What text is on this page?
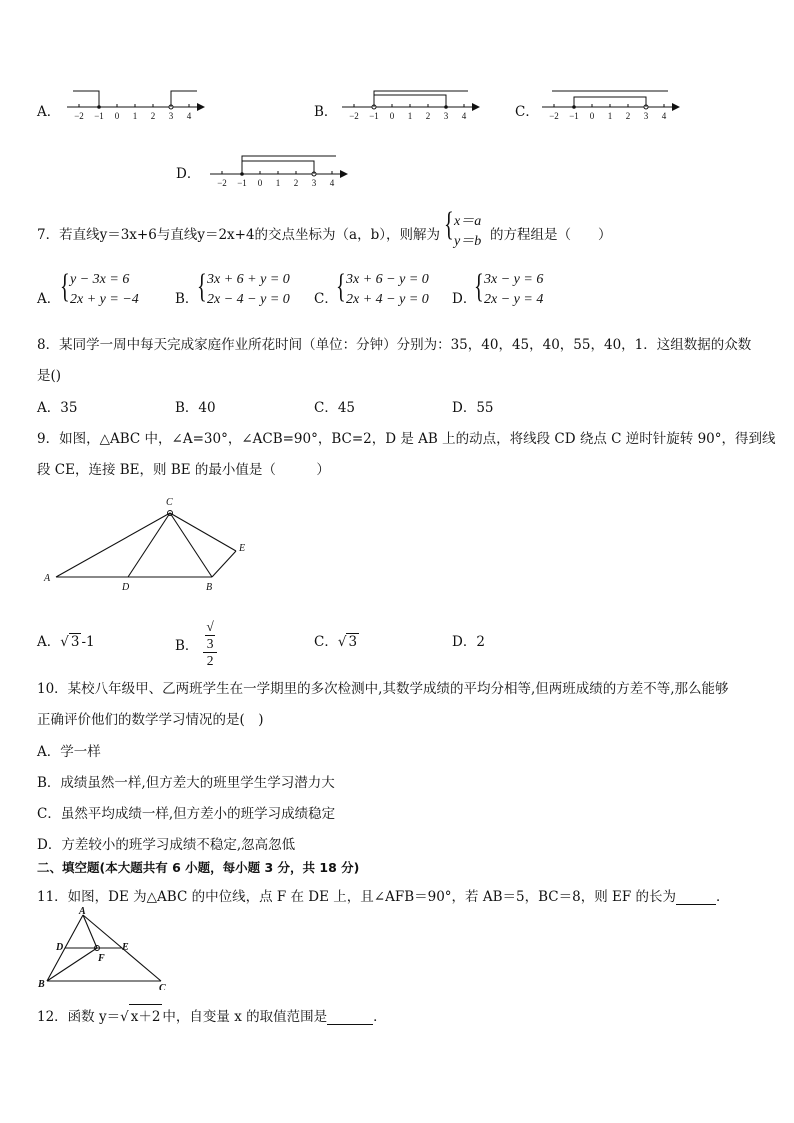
A． −2 −1 0 1 2 3 4	B． −2 −1 0 1 2 3 4	C． −2 −1 0 1 2 3 4
D．
−2 −1 0 1 2 3 4
7．若直线y＝3x+6与直线y＝2x+4的交点坐标为（a，b），则解为 { x＝a
y＝b 的方程组是（　　）
A． { y − 3x = 6
2x + y = −4	B．
{ 3x + 6 + y = 0
2x − 4 − y = 0 C．
{ 3x + 6 − y = 0
2x + 4 − y = 0 D．
{ 3x − y = 6
2x − y = 4
8．某同学一周中每天完成家庭作业所花时间（单位：分钟）分别为：35，40，45，40，55，40，1．这组数据的众数
是()
A．35	B．40	C．45	D．55
9．如图，△ABC 中，∠A=30°，∠ACB=90°，BC=2，D 是 AB 上的动点，将线段 CD 绕点 C 逆时针旋转 90°，得到线
段 CE，连接 BE，则 BE 的最小值是（　　　）
A
C
D	B
E
A．√ 3 -1	B． √
3
2	C．√ 3	D．2
10．某校八年级甲、乙两班学生在一学期里的多次检测中,其数学成绩的平均分相等,但两班成绩的方差不等,那么能够
正确评价他们的数学学习情况的是(　)
A．学一样
B．成绩虽然一样,但方差大的班里学生学习潜力大
C．虽然平均成绩一样,但方差小的班学习成绩稳定
D．方差较小的班学习成绩不稳定,忽高忽低
二、填空题(本大题共有 6 小题，每小题 3 分，共 18 分)
11．如图，DE 为△ABC 的中位线，点 F 在 DE 上，且∠AFB＝90°，若 AB＝5，BC＝8，则 EF 的长为	．
A
D	E
F
B	C
12．函数 y＝√ x＋2 中，自变量 x 的取值范围是	．
